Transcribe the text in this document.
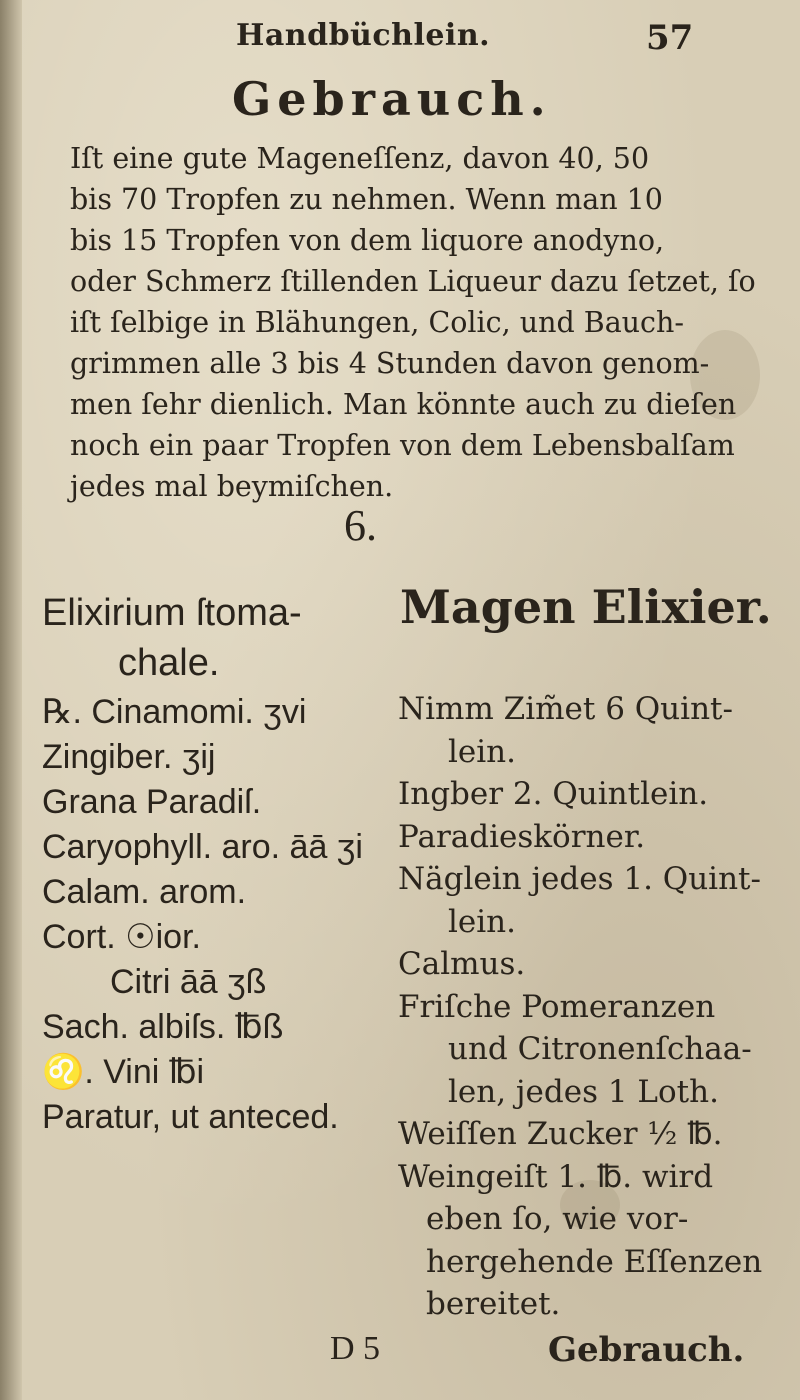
Handbüchlein.	57
Gebrauch.

Iſt eine gute Mageneſſenz, davon 40, 50
bis 70 Tropfen zu nehmen. Wenn man 10
bis 15 Tropfen von dem liquore anodyno,
oder Schmerz ſtillenden Liqueur dazu ſetzet, ſo
iſt ſelbige in Blähungen, Colic, und Bauch-
grimmen alle 3 bis 4 Stunden davon genom-
men ſehr dienlich. Man könnte auch zu dieſen
noch ein paar Tropfen von dem Lebensbalſam
jedes mal beymiſchen.

6.
Elixirium ſtoma-
chale.
Magen Elixier.
℞. Cinamomi. ʒvi
Zingiber. ʒij
Grana Paradiſ.
Caryophyll. aro. āā ʒi
Calam. arom.
Cort. ☉ior.
Citri āā ʒß
Sach. albiſs. ℔ß
♌. Vini ℔i
Paratur, ut anteced.
Nimm Zim̃et 6 Quint-
lein.
Ingber 2. Quintlein.
Paradieskörner.
Näglein jedes 1. Quint-
lein.
Calmus.
Friſche Pomeranzen
und Citronenſchaa-
len, jedes 1 Loth.
Weiſſen Zucker ½ ℔.
Weingeiſt 1. ℔. wird
eben ſo, wie vor-
hergehende Eſſenzen
bereitet.
D 5	Gebrauch.
